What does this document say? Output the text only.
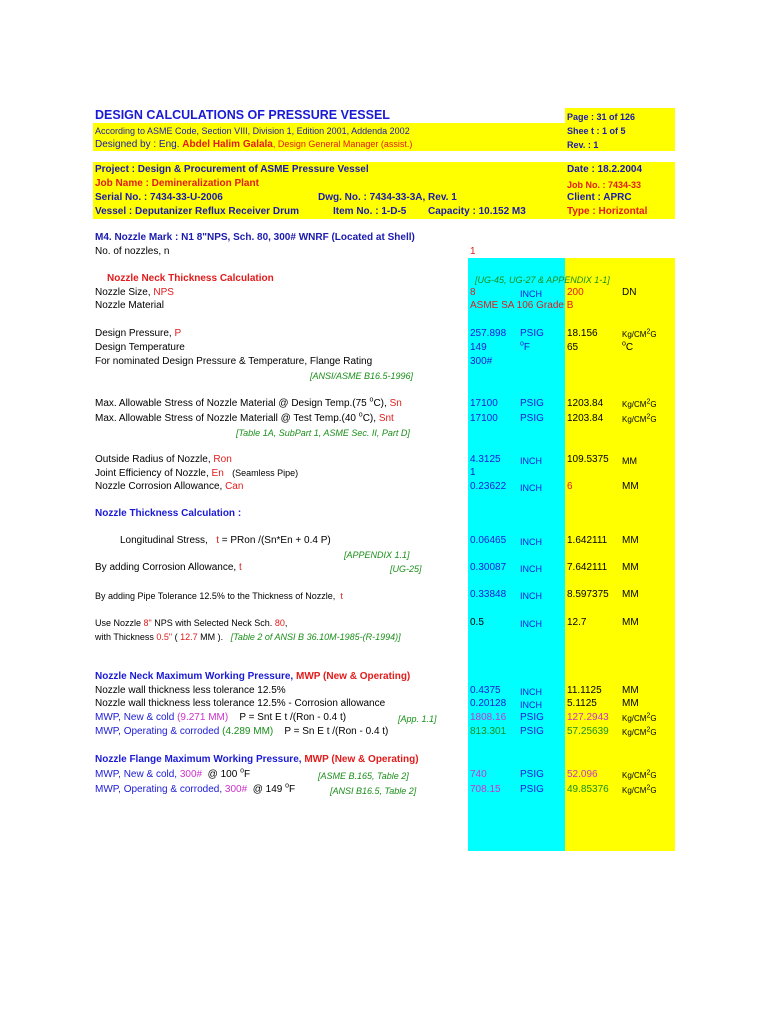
DESIGN CALCULATIONS OF PRESSURE VESSEL	Page : 31 of 126
According to ASME Code, Section VIII, Division 1, Edition 2001, Addenda 2002	Shee t : 1 of 5
Designed by : Eng. Abdel Halim Galala, Design General Manager (assist.)	Rev. : 1
Project : Design & Procurement of ASME Pressure Vessel	Date : 18.2.2004
Job Name : Demineralization Plant	Job No. : 7434-33
Serial No. : 7434-33-U-2006	Dwg. No. : 7434-33-3A, Rev. 1	Client : APRC
Vessel : Deputanizer Reflux Receiver Drum	Item No. : 1-D-5 Capacity : 10.152 M3	Type : Horizontal
M4. Nozzle Mark : N1 8"NPS, Sch. 80, 300# WNRF (Located at Shell)
No. of nozzles, n	1
Nozzle Neck Thickness Calculation	[UG-45, UG-27 & APPENDIX 1-1]
Nozzle Size, NPS	8	INCH	200	DN
Nozzle Material	ASME SA 106 Grade B
Design Pressure, P	257.898 PSIG 18.156	$Kg/CM^2G$
Design Temperature	149	$^o$F	65	$^o$C
For nominated Design Pressure & Temperature, Flange Rating	300#
[ANSI/ASME B16.5-1996]
Max. Allowable Stress of Nozzle Material @ Design Temp.(75 $^o$C), Sn	17100 PSIG 1203.84 $Kg/CM^2G$
Max. Allowable Stress of Nozzle Materiall @ Test Temp.(40 $^o$C), Snt	17100 PSIG 1203.84 $Kg/CM^2G$
[Table 1A, SubPart 1, ASME Sec. II, Part D]
Outside Radius of Nozzle, Ron	4.3125 INCH	109.5375 MM
Joint Efficiency of Nozzle, En (Seamless Pipe)	1
Nozzle Corrosion Allowance, Can	0.23622 INCH	6	MM
Nozzle Thickness Calculation :
Longitudinal Stress, t = PRon /(Sn*En + 0.4 P)	0.06465 INCH	1.642111 MM
[APPENDIX 1.1]
By adding Corrosion Allowance, t	[UG-25]	0.30087 INCH	7.642111 MM
By adding Pipe Tolerance 12.5% to the Thickness of Nozzle, t	0.33848 INCH	8.597375 MM
Use Nozzle 8" NPS with Selected Neck Sch. 80,	0.5	INCH	12.7	MM
with Thickness 0.5" ( 12.7 MM ). [Table 2 of ANSI B 36.10M-1985-(R-1994)]
Nozzle Neck Maximum Working Pressure, MWP (New & Operating)
Nozzle wall thickness less tolerance 12.5%	0.4375 INCH	11.1125 MM
Nozzle wall thickness less tolerance 12.5% - Corrosion allowance	0.20128 INCH	5.1125	MM
MWP, New & cold (9.271 MM) P = Snt E t /(Ron - 0.4 t)	[App. 1.1]	1808.16 PSIG 127.2943 $Kg/CM^2G$
MWP, Operating & corroded (4.289 MM) P = Sn E t /(Ron - 0.4 t)	813.301 PSIG 57.25639 $Kg/CM^2G$
Nozzle Flange Maximum Working Pressure, MWP (New & Operating)
MWP, New & cold, 300# @ 100 $^o$F	[ASME B.165, Table 2]	740	PSIG 52.096	$Kg/CM^2G$
MWP, Operating & corroded, 300# @ 149 $^o$F	[ANSI B16.5, Table 2]	708.15 PSIG 49.85376 $Kg/CM^2G$
